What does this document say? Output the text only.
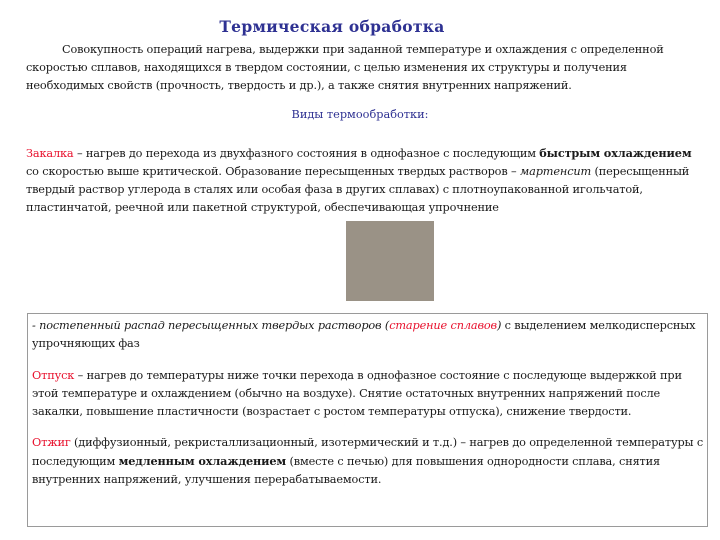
Термическая обработка
Совокупность операций нагрева, выдержки при заданной температуре и охлаждения с определенной скоростью сплавов, находящихся в твердом состоянии, с целью изменения их структуры и получения необходимых свойств (прочность, твердость и др.), а также снятия внутренних напряжений.
Виды термообработки:
Закалка – нагрев до перехода из двухфазного состояния в однофазное с последующим быстрым охлаждением со скоростью выше критической. Образование пересыщенных твердых растворов – мартенсит (пересыщенный твердый раствор углерода в сталях или особая фаза в других сплавах) с плотноупакованной игольчатой, пластинчатой, реечной или пакетной структурой, обеспечивающая упрочнение
- постепенный распад пересыщенных твердых растворов (старение сплавов) с выделением мелкодисперсных упрочняющих фаз
Отпуск – нагрев до температуры ниже точки перехода в однофазное состояние с последующе выдержкой при этой температуре и охлаждением (обычно на воздухе). Снятие остаточных внутренних напряжений после закалки, повышение пластичности (возрастает с ростом температуры отпуска), снижение твердости.
Отжиг (диффузионный, рекристаллизационный, изотермический и т.д.) – нагрев до определенной температуры с последующим медленным охлаждением (вместе с печью) для повышения однородности сплава, снятия внутренних напряжений, улучшения перерабатываемости.
